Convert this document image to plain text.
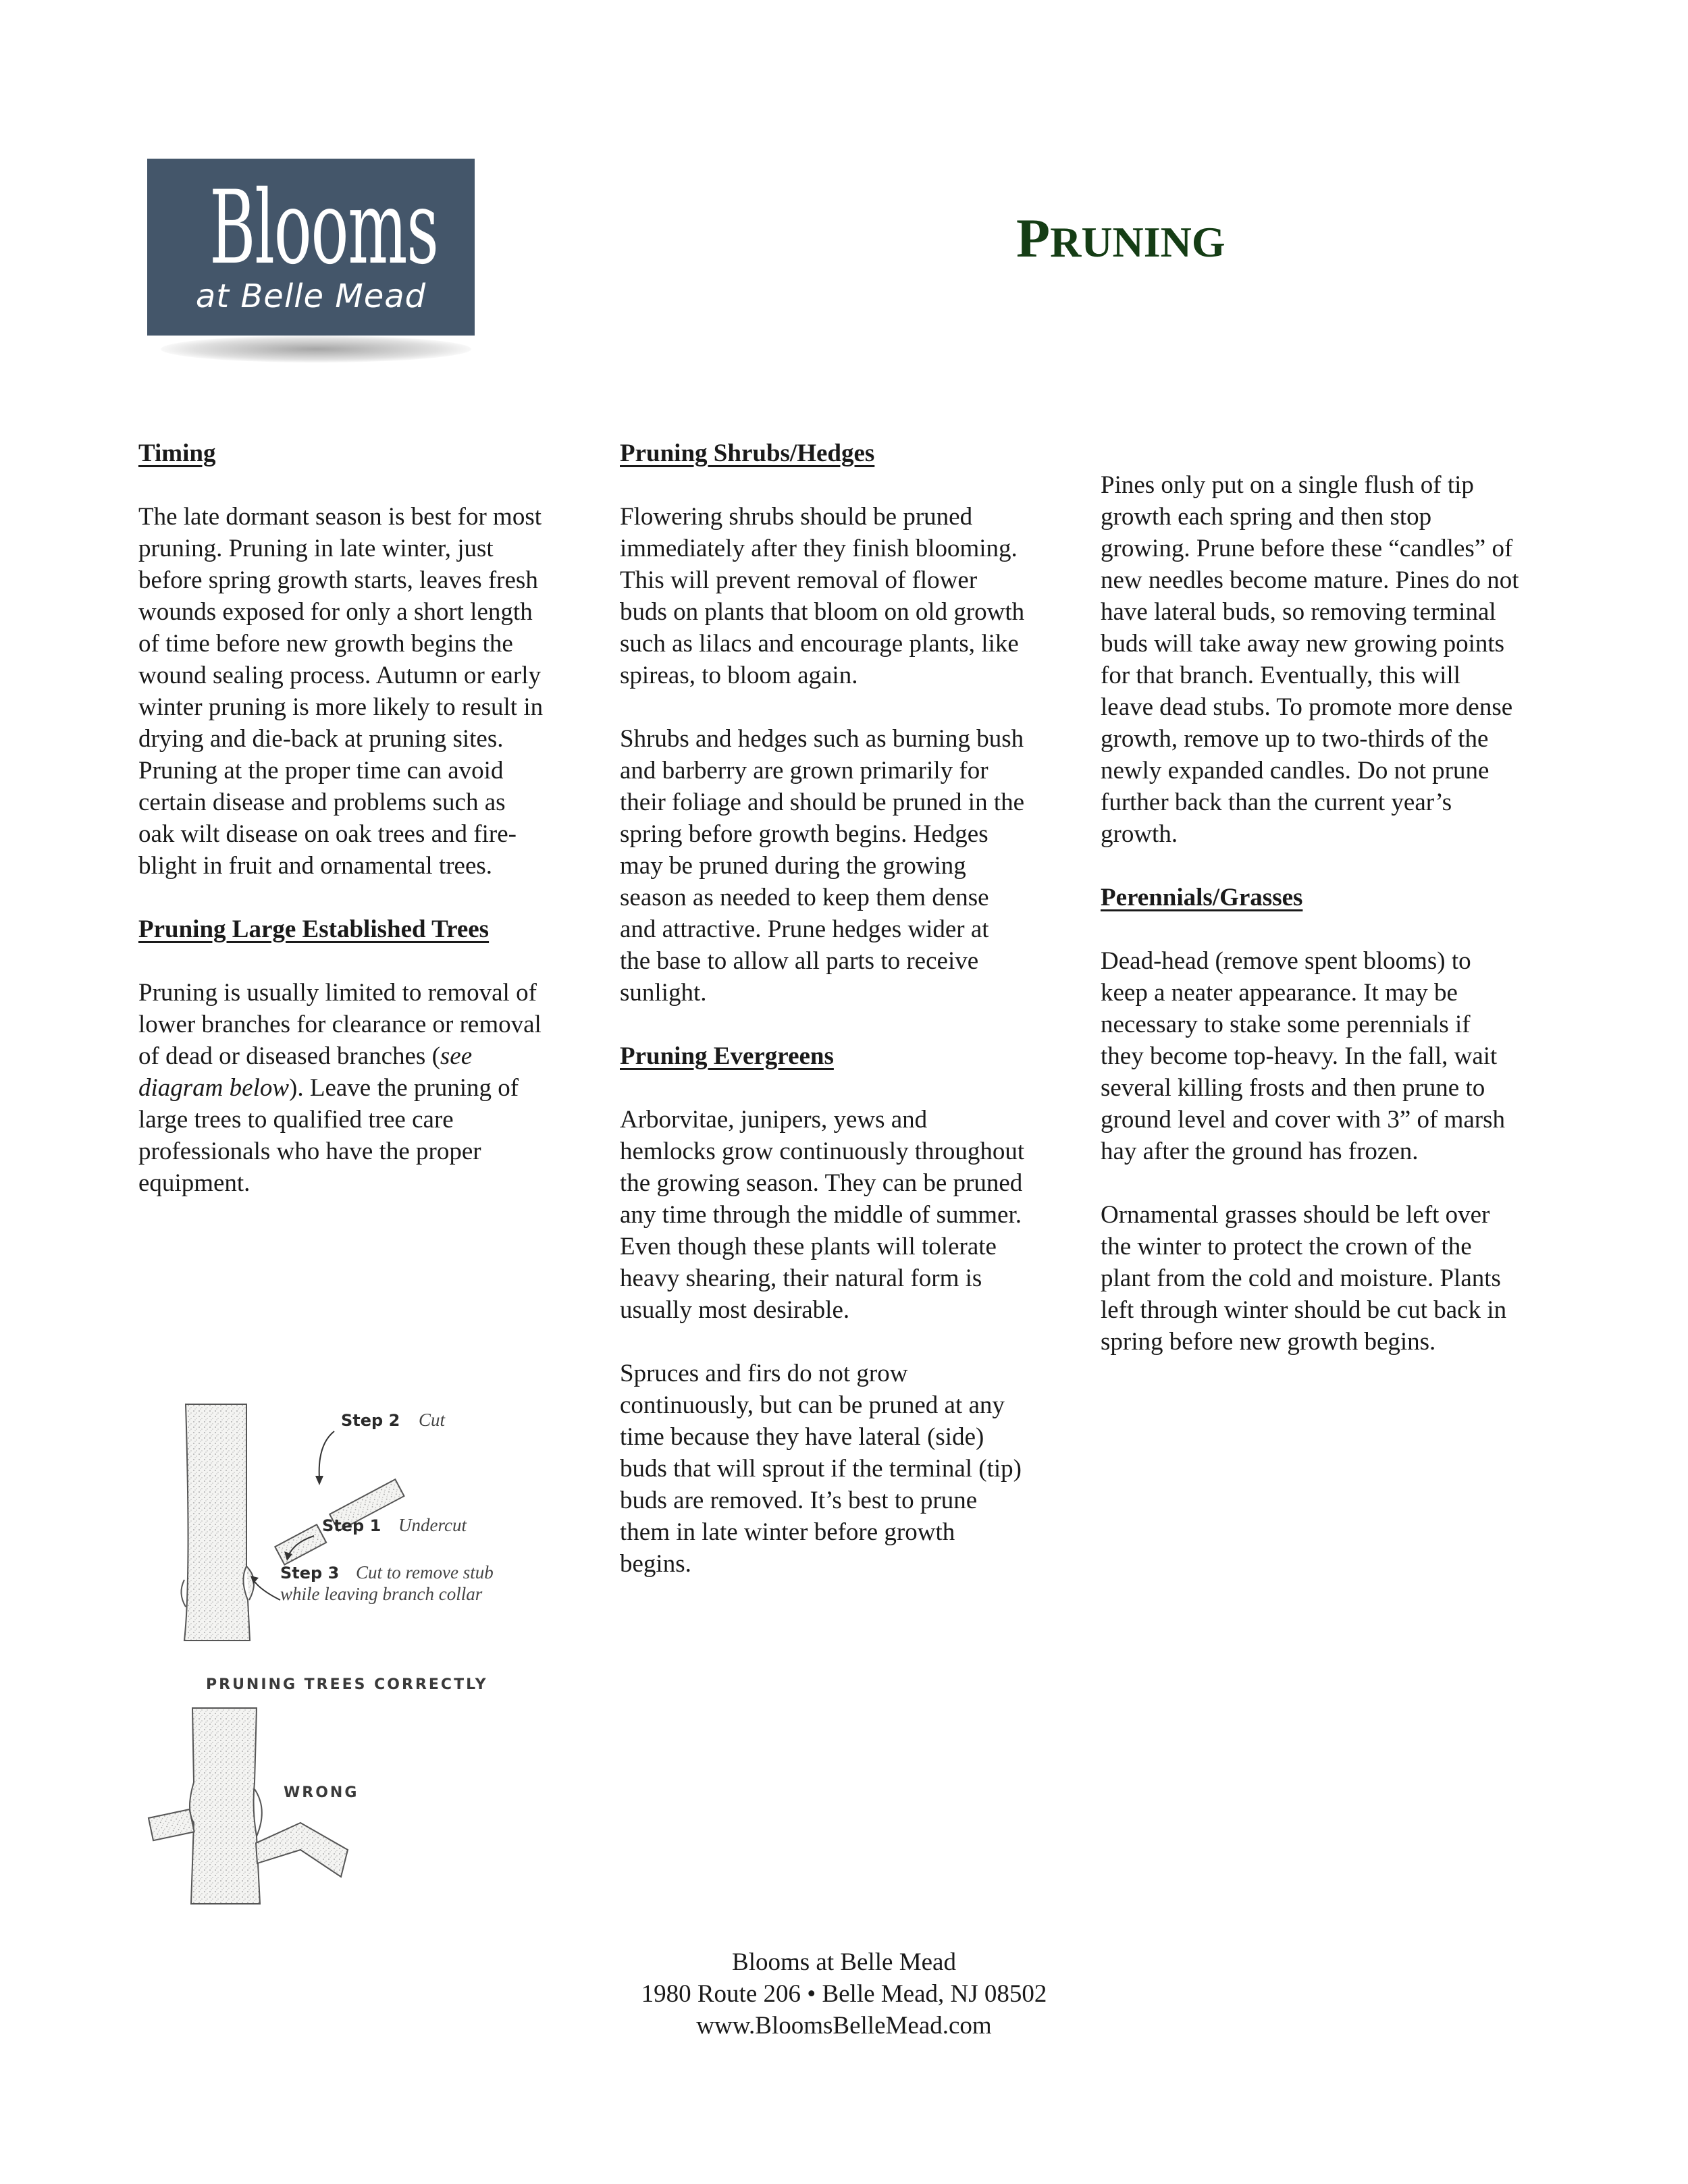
Blooms
at Belle Mead
PRUNING

Timing

The late dormant season is best for most pruning. Pruning in late winter, just before spring growth starts, leaves fresh wounds exposed for only a short length of time before new growth begins the wound sealing process. Autumn or early winter pruning is more likely to result in drying and die-back at pruning sites. Pruning at the proper time can avoid certain disease and problems such as oak wilt disease on oak trees and fire-blight in fruit and ornamental trees.

Pruning Large Established Trees

Pruning is usually limited to removal of lower branches for clearance or removal of dead or diseased branches (see diagram below). Leave the pruning of large trees to qualified tree care professionals who have the proper equipment.

Step 2 Cut
Step 1 Undercut
Step 3 Cut to remove stub
while leaving branch collar
PRUNING TREES CORRECTLY
WRONG

Pruning Shrubs/Hedges

Flowering shrubs should be pruned immediately after they finish blooming. This will prevent removal of flower buds on plants that bloom on old growth such as lilacs and encourage plants, like spireas, to bloom again.

Shrubs and hedges such as burning bush and barberry are grown primarily for their foliage and should be pruned in the spring before growth begins. Hedges may be pruned during the growing season as needed to keep them dense and attractive. Prune hedges wider at the base to allow all parts to receive sunlight.

Pruning Evergreens

Arborvitae, junipers, yews and hemlocks grow continuously throughout the growing season. They can be pruned any time through the middle of summer. Even though these plants will tolerate heavy shearing, their natural form is usually most desirable.

Spruces and firs do not grow continuously, but can be pruned at any time because they have lateral (side) buds that will sprout if the terminal (tip) buds are removed. It’s best to prune them in late winter before growth begins.

Pines only put on a single flush of tip growth each spring and then stop growing. Prune before these “candles” of new needles become mature. Pines do not have lateral buds, so removing terminal buds will take away new growing points for that branch. Eventually, this will leave dead stubs. To promote more dense growth, remove up to two-thirds of the newly expanded candles. Do not prune further back than the current year’s growth.

Perennials/Grasses

Dead-head (remove spent blooms) to keep a neater appearance. It may be necessary to stake some perennials if they become top-heavy. In the fall, wait several killing frosts and then prune to ground level and cover with 3” of marsh hay after the ground has frozen.

Ornamental grasses should be left over the winter to protect the crown of the plant from the cold and moisture. Plants left through winter should be cut back in spring before new growth begins.

Blooms at Belle Mead

1980 Route 206 • Belle Mead, NJ 08502

www.BloomsBelleMead.com
